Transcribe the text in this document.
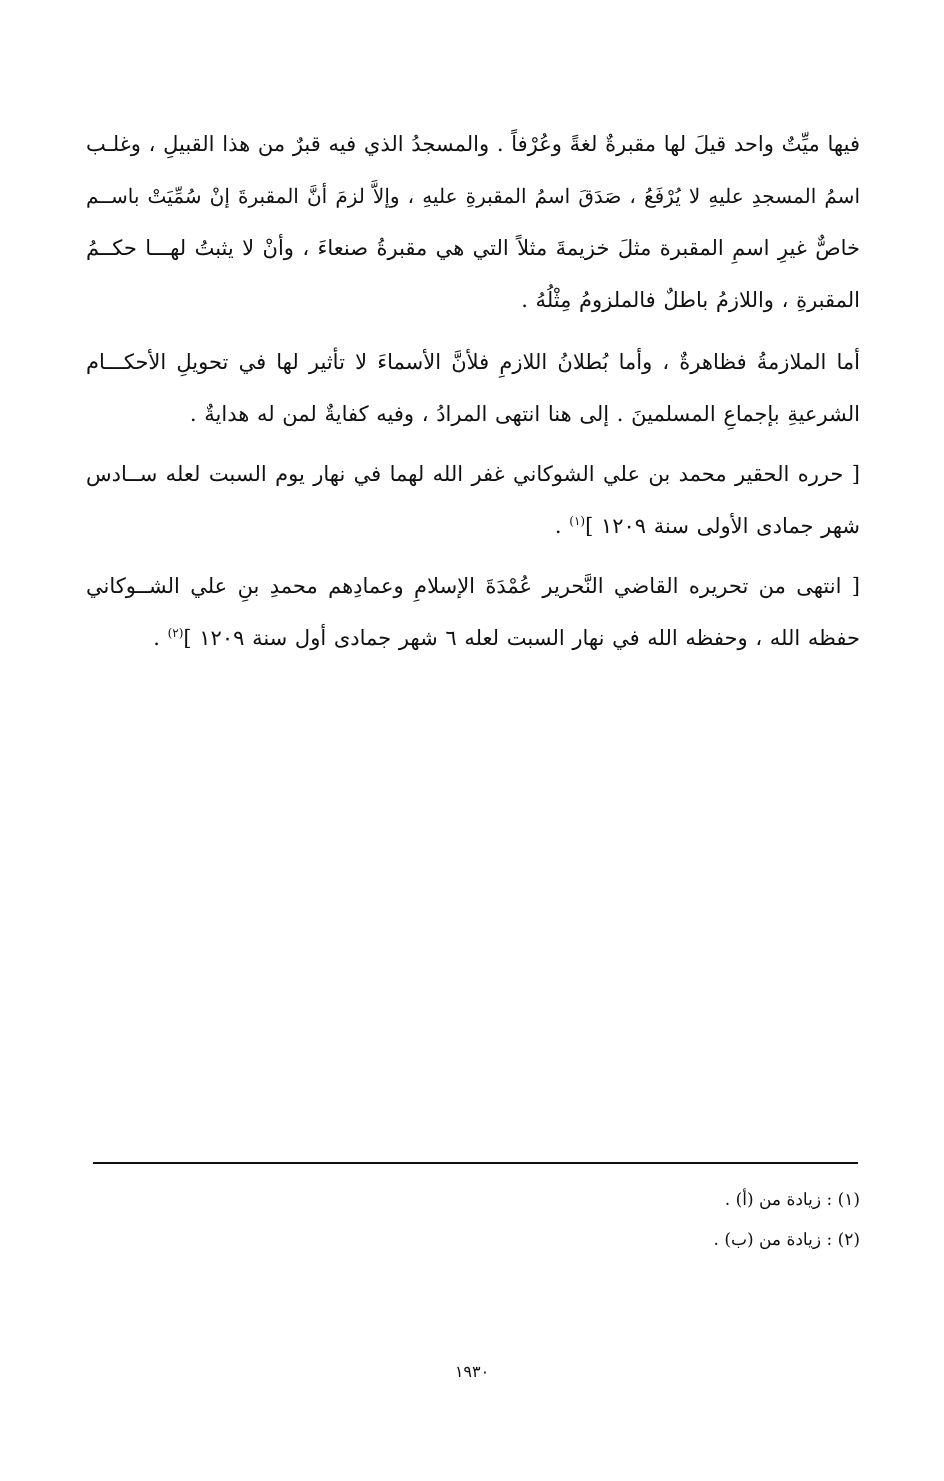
فيها ميِّتٌ واحد قيلَ لها مقبرةٌ لغةً وعُرْفاً . والمسجدُ الذي فيه قبرٌ من هذا القبيلِ ، وغلـب
اسمُ المسجدِ عليهِ لا يُرْفَعُ ، صَدَقَ اسمُ المقبرةِ عليهِ ، وإلاَّ لزمَ أنَّ المقبرةَ إنْ سُمِّيَتْ باســم
خاصٌّ غيرِ اسمِ المقبرة مثلَ خزيمةَ مثلاً التي هي مقبرةُ صنعاءَ ، وأنْ لا يثبتُ لهـــا حكــمُ
المقبرةِ ، واللازمُ باطلٌ فالملزومُ مِثْلُهُ .
أما الملازمةُ فظاهرةٌ ، وأما بُطلانُ اللازمِ فلأنَّ الأسماءَ لا تأثير لها في تحويلِ الأحكـــام
الشرعيةِ بإجماعِ المسلمينَ . إلى هنا انتهى المرادُ ، وفيه كفايةٌ لمن له هدايةٌ .
[ حرره الحقير محمد بن علي الشوكاني غفر الله لهما في نهار يوم السبت لعله ســادس
شهر جمادى الأولى سنة ١٢٠٩ ]$^{(١)}$ .
[ انتهى من تحريره القاضي النَّحرير عُمْدَةَ الإسلامِ وعمادِهم محمدِ بنِ علي الشــوكاني
حفظه الله ، وحفظه الله في نهار السبت لعله ٦ شهر جمادى أول سنة ١٢٠٩ ]$^{(٢)}$ .
(١) : زيادة من (أ) .
(٢) : زيادة من (ب) .
١٩٣٠
